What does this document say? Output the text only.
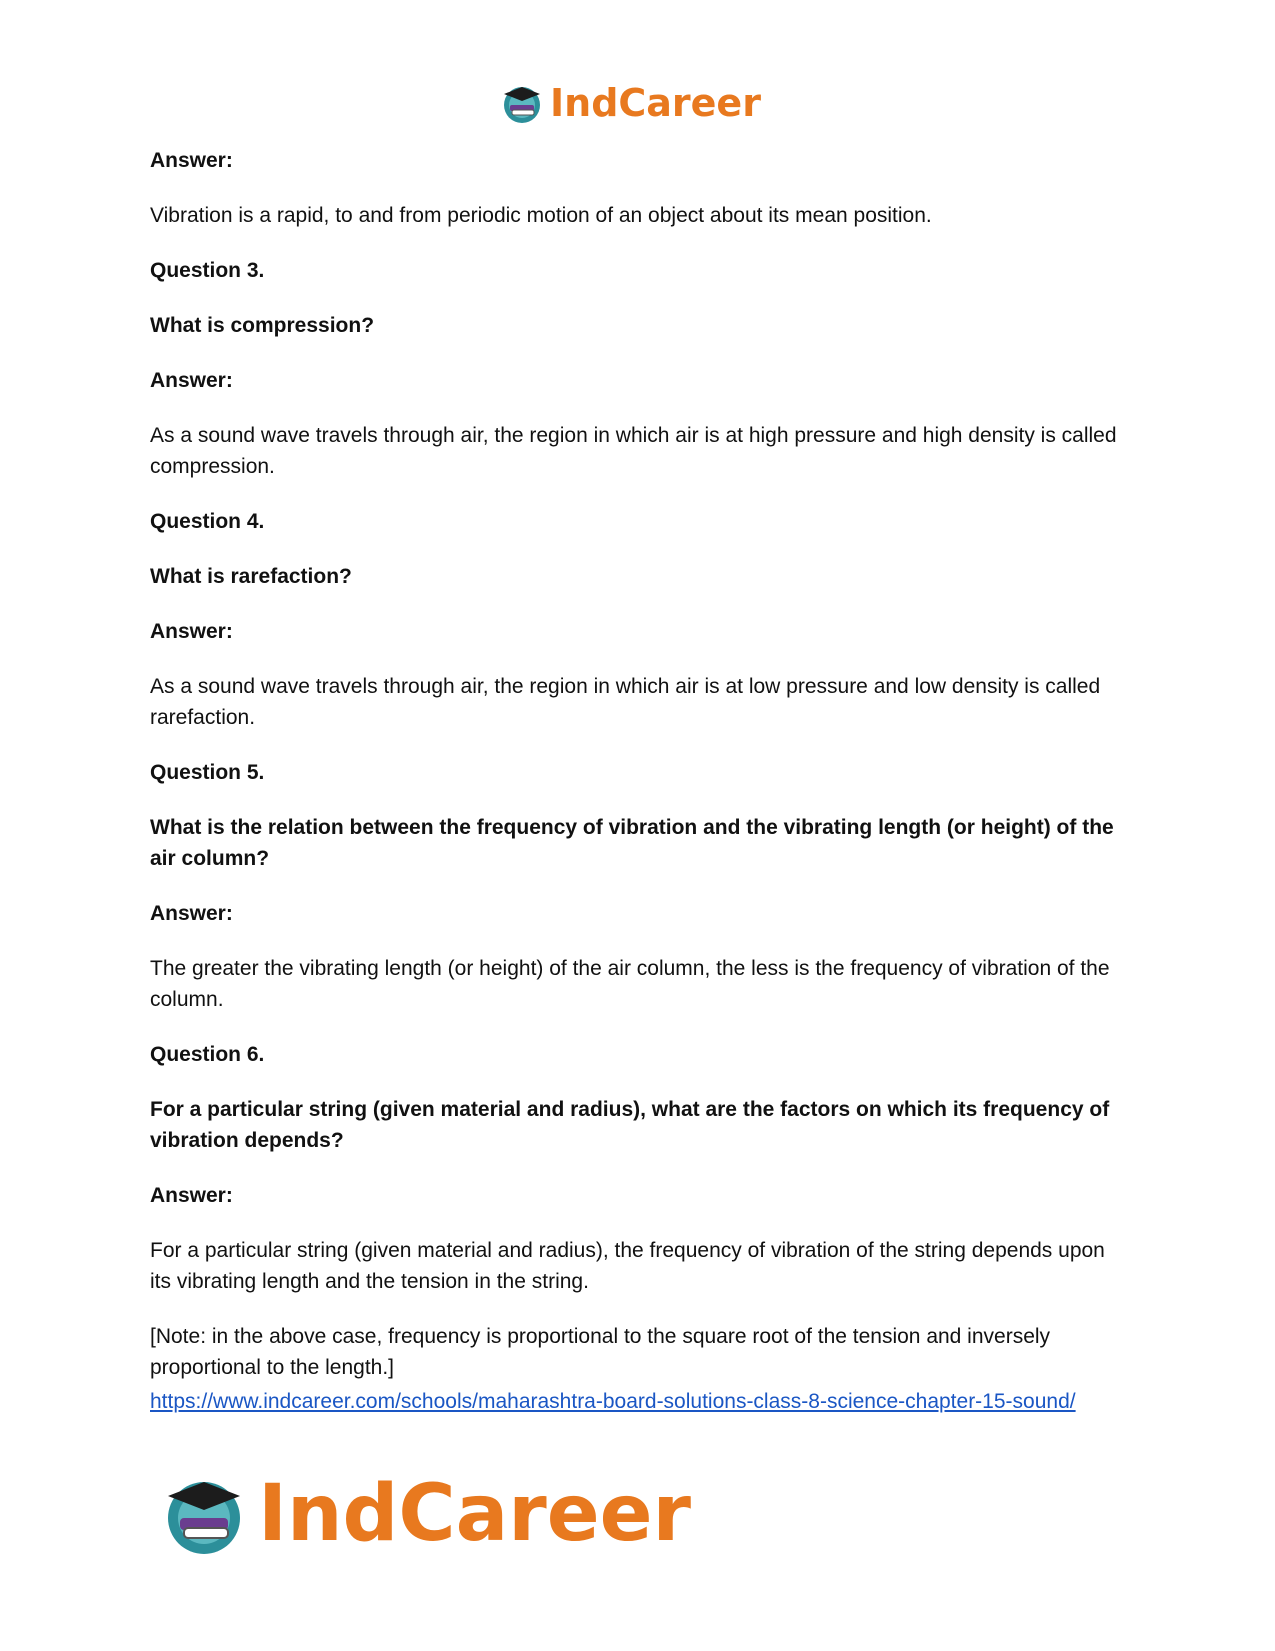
IndCareer

Answer:

Vibration is a rapid, to and from periodic motion of an object about its mean position.

Question 3.

What is compression?

Answer:

As a sound wave travels through air, the region in which air is at high pressure and high density is called compression.

Question 4.

What is rarefaction?

Answer:

As a sound wave travels through air, the region in which air is at low pressure and low density is called rarefaction.

Question 5.

What is the relation between the frequency of vibration and the vibrating length (or height) of the air column?

Answer:

The greater the vibrating length (or height) of the air column, the less is the frequency of vibration of the column.

Question 6.

For a particular string (given material and radius), what are the factors on which its frequency of vibration depends?

Answer:

For a particular string (given material and radius), the frequency of vibration of the string depends upon its vibrating length and the tension in the string.

[Note: in the above case, frequency is proportional to the square root of the tension and inversely proportional to the length.]

https://www.indcareer.com/schools/maharashtra-board-solutions-class-8-science-chapter-15-sound/
IndCareer
